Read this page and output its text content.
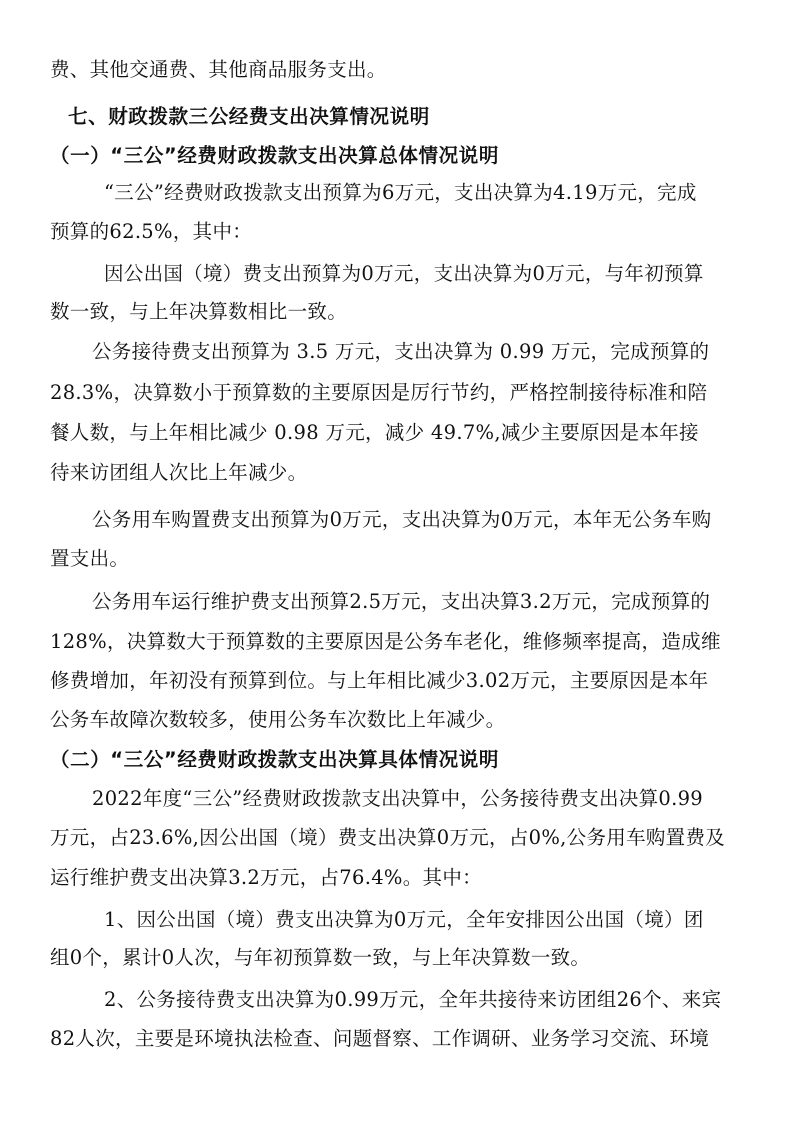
费、其他交通费、其他商品服务支出。
七、财政拨款三公经费支出决算情况说明
（一）“三公”经费财政拨款支出决算总体情况说明
“三公”经费财政拨款支出预算为6万元，支出决算为4.19万元，完成
预算的62.5%，其中：
因公出国（境）费支出预算为0万元，支出决算为0万元，与年初预算
数一致，与上年决算数相比一致。
公务接待费支出预算为 3.5 万元，支出决算为 0.99 万元，完成预算的
28.3%，决算数小于预算数的主要原因是厉行节约，严格控制接待标准和陪
餐人数，与上年相比减少 0.98 万元，减少 49.7%,减少主要原因是本年接
待来访团组人次比上年减少。
公务用车购置费支出预算为0万元，支出决算为0万元，本年无公务车购
置支出。
公务用车运行维护费支出预算2.5万元，支出决算3.2万元，完成预算的
128%，决算数大于预算数的主要原因是公务车老化，维修频率提高，造成维
修费增加，年初没有预算到位。与上年相比减少3.02万元，主要原因是本年
公务车故障次数较多，使用公务车次数比上年减少。
（二）“三公”经费财政拨款支出决算具体情况说明
2022年度“三公”经费财政拨款支出决算中，公务接待费支出决算0.99
万元，占23.6%,因公出国（境）费支出决算0万元，占0%,公务用车购置费及
运行维护费支出决算3.2万元，占76.4%。其中：
1、因公出国（境）费支出决算为0万元，全年安排因公出国（境）团
组0个，累计0人次，与年初预算数一致，与上年决算数一致。
2、公务接待费支出决算为0.99万元，全年共接待来访团组26个、来宾
82人次，主要是环境执法检查、问题督察、工作调研、业务学习交流、环境
